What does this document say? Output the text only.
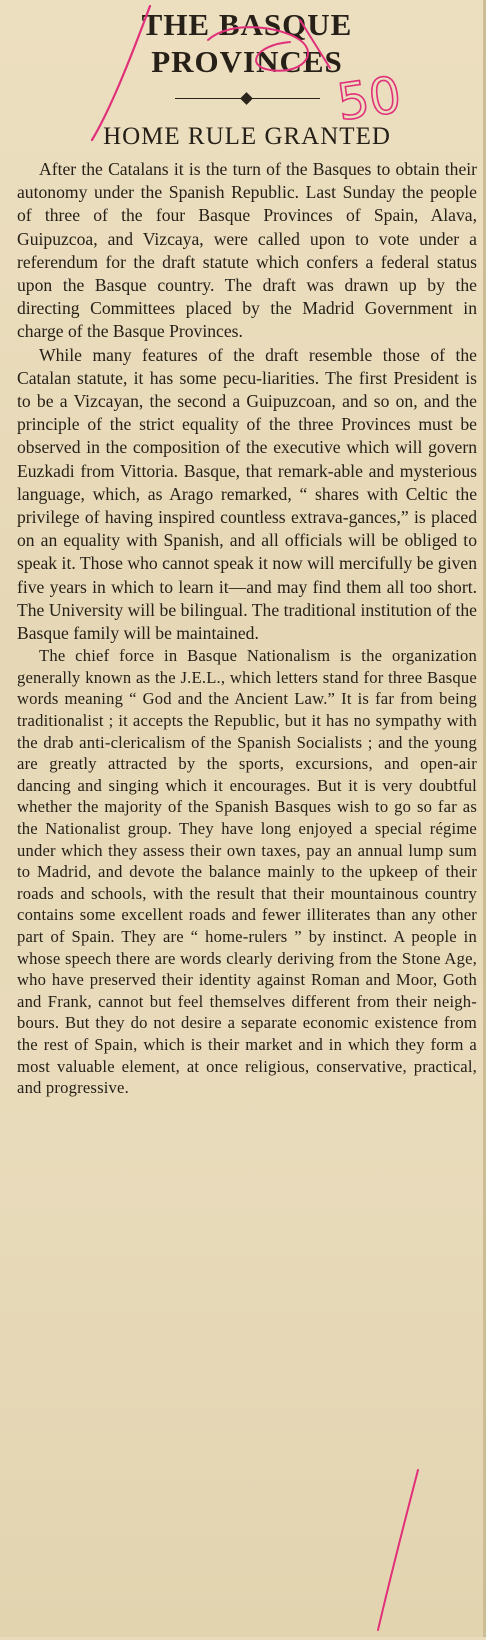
THE BASQUE
PROVINCES
HOME RULE GRANTED

After the Catalans it is the turn of the Basques to obtain their autonomy under the Spanish Republic. Last Sunday the people of three of the four Basque Provinces of Spain, Alava, Guipuzcoa, and Vizcaya, were called upon to vote under a referendum for the draft statute which confers a federal status upon the Basque country. The draft was drawn up by the directing Committees placed by the Madrid Government in charge of the Basque Provinces.

While many features of the draft resemble those of the Catalan statute, it has some pecu-liarities. The first President is to be a Vizcayan, the second a Guipuzcoan, and so on, and the principle of the strict equality of the three Provinces must be observed in the composition of the executive which will govern Euzkadi from Vittoria. Basque, that remark-able and mysterious language, which, as Arago remarked, “ shares with Celtic the privilege of having inspired countless extrava-gances,” is placed on an equality with Spanish, and all officials will be obliged to speak it. Those who cannot speak it now will mercifully be given five years in which to learn it—and may find them all too short. The University will be bilingual. The traditional institution of the Basque family will be maintained.

The chief force in Basque Nationalism is the organization generally known as the J.E.L., which letters stand for three Basque words meaning “ God and the Ancient Law.” It is far from being traditionalist ; it accepts the Republic, but it has no sympathy with the drab anti-clericalism of the Spanish Socialists ; and the young are greatly attracted by the sports, excursions, and open-air dancing and singing which it encourages. But it is very doubtful whether the majority of the Spanish Basques wish to go so far as the Nationalist group. They have long enjoyed a special régime under which they assess their own taxes, pay an annual lump sum to Madrid, and devote the balance mainly to the upkeep of their roads and schools, with the result that their mountainous country contains some excellent roads and fewer illiterates than any other part of Spain. They are “ home-rulers ” by instinct. A people in whose speech there are words clearly deriving from the Stone Age, who have preserved their identity against Roman and Moor, Goth and Frank, cannot but feel themselves different from their neigh-bours. But they do not desire a separate economic existence from the rest of Spain, which is their market and in which they form a most valuable element, at once religious, conservative, practical, and progressive.

50
